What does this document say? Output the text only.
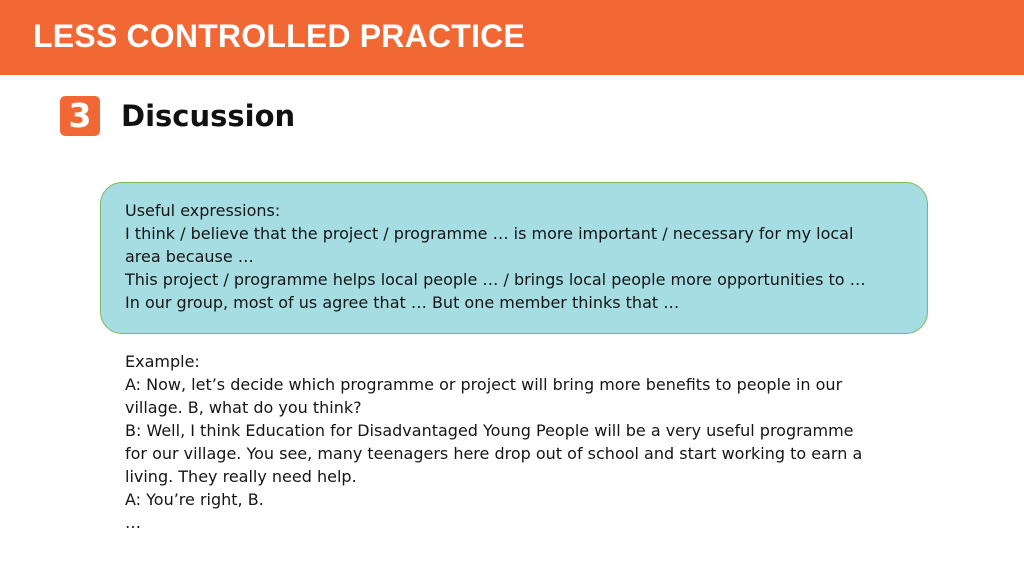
LESS CONTROLLED PRACTICE
3 Discussion
Useful expressions:
I think / believe that the project / programme … is more important / necessary for my local
area because …
This project / programme helps local people … / brings local people more opportunities to …
In our group, most of us agree that … But one member thinks that …
Example:
A: Now, let’s decide which programme or project will bring more benefits to people in our
village. B, what do you think?
B: Well, I think Education for Disadvantaged Young People will be a very useful programme
for our village. You see, many teenagers here drop out of school and start working to earn a
living. They really need help.
A: You’re right, B.
…
